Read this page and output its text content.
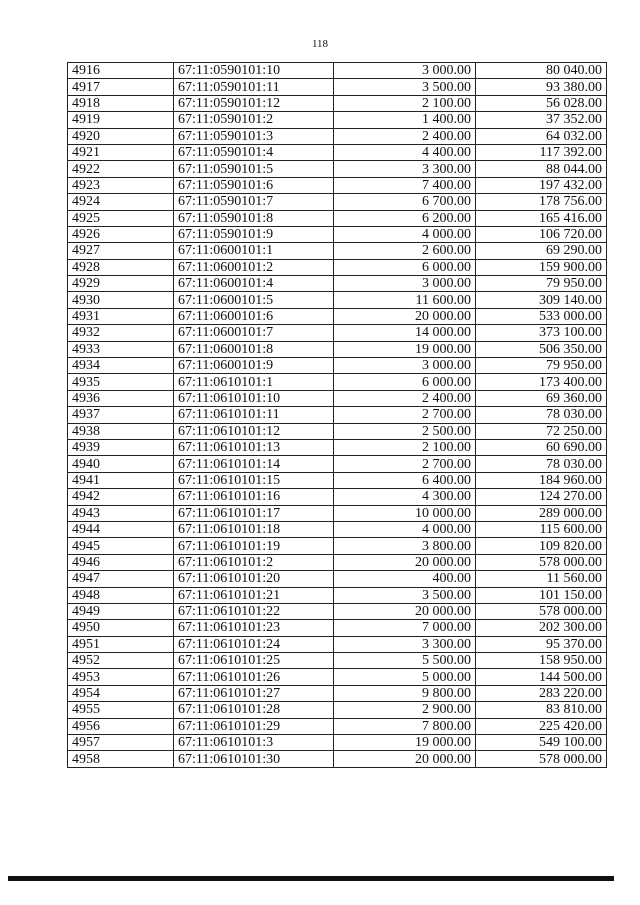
118
4916	67:11:0590101:10	3 000.00	80 040.00
4917	67:11:0590101:11	3 500.00	93 380.00
4918	67:11:0590101:12	2 100.00	56 028.00
4919	67:11:0590101:2	1 400.00	37 352.00
4920	67:11:0590101:3	2 400.00	64 032.00
4921	67:11:0590101:4	4 400.00	117 392.00
4922	67:11:0590101:5	3 300.00	88 044.00
4923	67:11:0590101:6	7 400.00	197 432.00
4924	67:11:0590101:7	6 700.00	178 756.00
4925	67:11:0590101:8	6 200.00	165 416.00
4926	67:11:0590101:9	4 000.00	106 720.00
4927	67:11:0600101:1	2 600.00	69 290.00
4928	67:11:0600101:2	6 000.00	159 900.00
4929	67:11:0600101:4	3 000.00	79 950.00
4930	67:11:0600101:5	11 600.00	309 140.00
4931	67:11:0600101:6	20 000.00	533 000.00
4932	67:11:0600101:7	14 000.00	373 100.00
4933	67:11:0600101:8	19 000.00	506 350.00
4934	67:11:0600101:9	3 000.00	79 950.00
4935	67:11:0610101:1	6 000.00	173 400.00
4936	67:11:0610101:10	2 400.00	69 360.00
4937	67:11:0610101:11	2 700.00	78 030.00
4938	67:11:0610101:12	2 500.00	72 250.00
4939	67:11:0610101:13	2 100.00	60 690.00
4940	67:11:0610101:14	2 700.00	78 030.00
4941	67:11:0610101:15	6 400.00	184 960.00
4942	67:11:0610101:16	4 300.00	124 270.00
4943	67:11:0610101:17	10 000.00	289 000.00
4944	67:11:0610101:18	4 000.00	115 600.00
4945	67:11:0610101:19	3 800.00	109 820.00
4946	67:11:0610101:2	20 000.00	578 000.00
4947	67:11:0610101:20	400.00	11 560.00
4948	67:11:0610101:21	3 500.00	101 150.00
4949	67:11:0610101:22	20 000.00	578 000.00
4950	67:11:0610101:23	7 000.00	202 300.00
4951	67:11:0610101:24	3 300.00	95 370.00
4952	67:11:0610101:25	5 500.00	158 950.00
4953	67:11:0610101:26	5 000.00	144 500.00
4954	67:11:0610101:27	9 800.00	283 220.00
4955	67:11:0610101:28	2 900.00	83 810.00
4956	67:11:0610101:29	7 800.00	225 420.00
4957	67:11:0610101:3	19 000.00	549 100.00
4958	67:11:0610101:30	20 000.00	578 000.00
